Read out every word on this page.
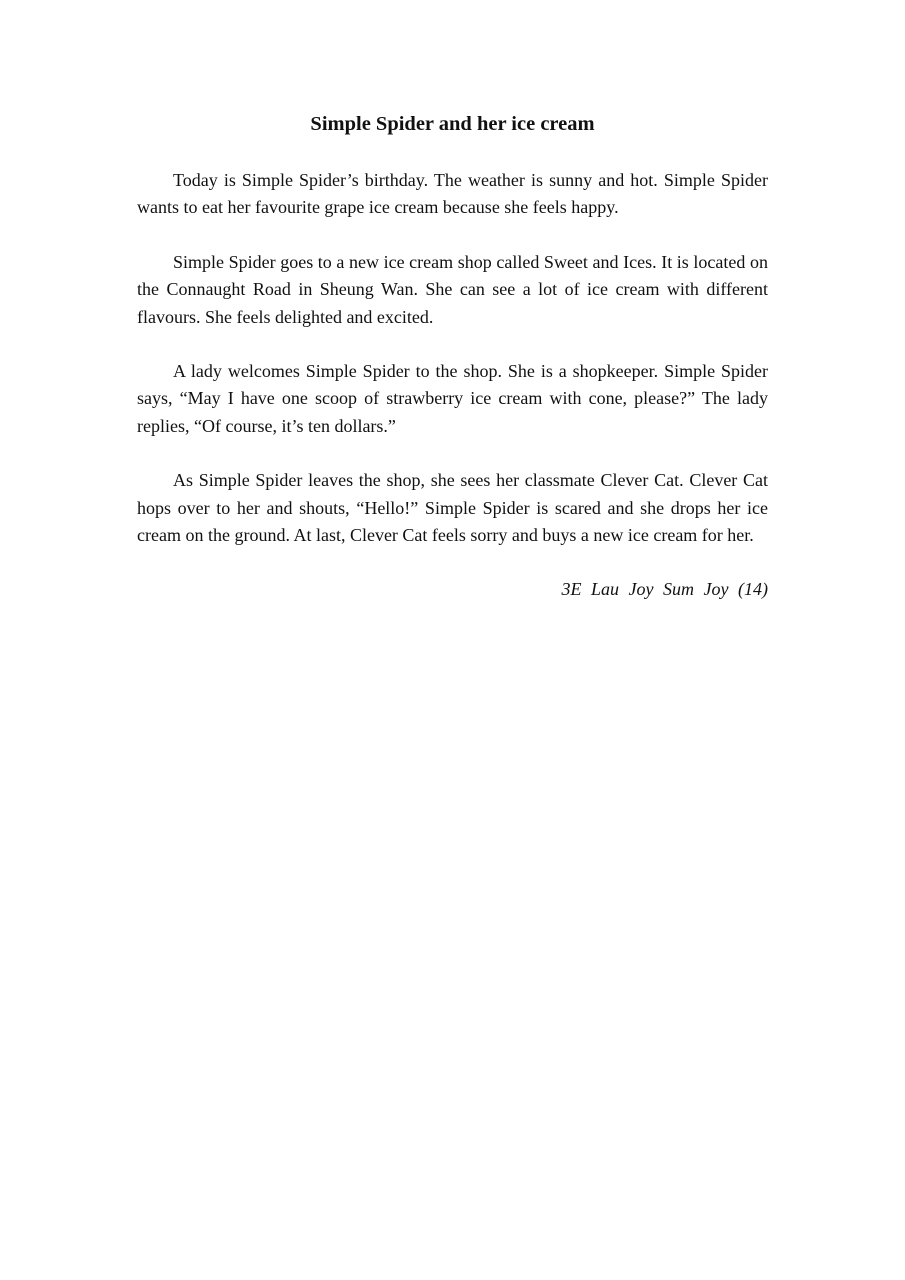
Simple Spider and her ice cream

Today is Simple Spider’s birthday. The weather is sunny and hot. Simple Spider wants to eat her favourite grape ice cream because she feels happy.

Simple Spider goes to a new ice cream shop called Sweet and Ices. It is located on the Connaught Road in Sheung Wan. She can see a lot of ice cream with different flavours. She feels delighted and excited.

A lady welcomes Simple Spider to the shop. She is a shopkeeper. Simple Spider says, “May I have one scoop of strawberry ice cream with cone, please?” The lady replies, “Of course, it’s ten dollars.”

As Simple Spider leaves the shop, she sees her classmate Clever Cat. Clever Cat hops over to her and shouts, “Hello!” Simple Spider is scared and she drops her ice cream on the ground. At last, Clever Cat feels sorry and buys a new ice cream for her.

3E Lau Joy Sum Joy (14)
